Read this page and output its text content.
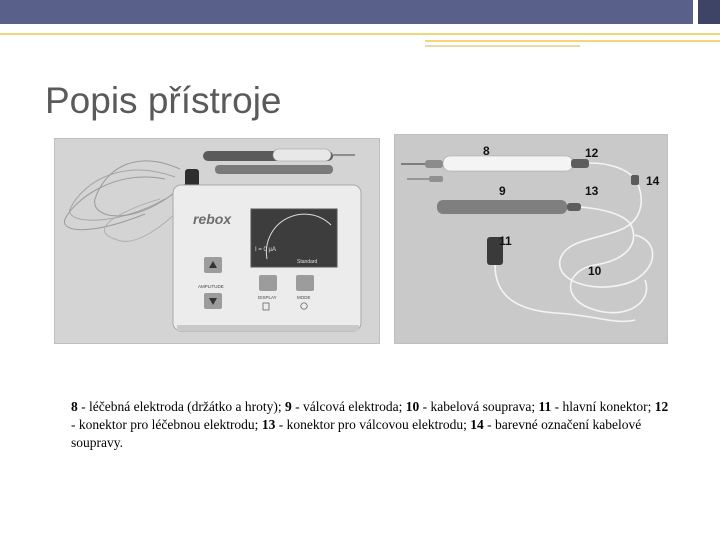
Popis přístroje
rebox
I = 0 µA
Standard
AMPLITUDE
DISPLAY	MODE
8	12
14
9	13
11
10
8 - léčebná elektroda (držátko a hroty); 9 - válcová elektroda; 10 - kabelová souprava; 11 - hlavní konektor; 12 - konektor pro léčebnou elektrodu; 13 - konektor pro válcovou elektrodu; 14 - barevné označení kabelové soupravy.
